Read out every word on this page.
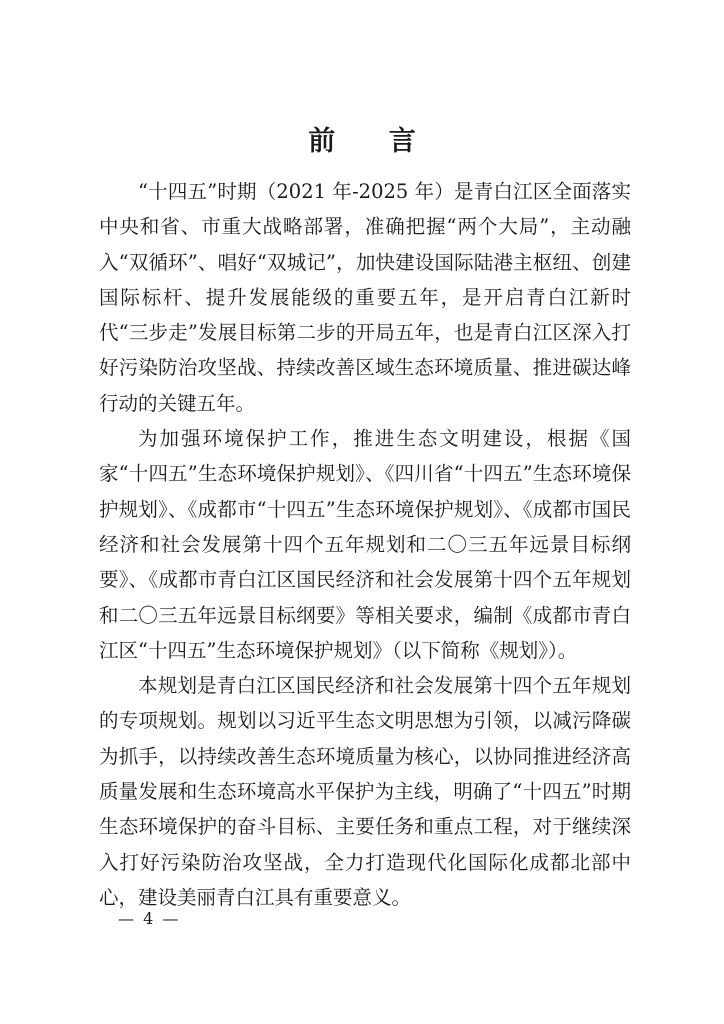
前 言

“十四五”时期（2021 年-2025 年）是青白江区全面落实中央和省、市重大战略部署，准确把握“两个大局”，主动融入“双循环”、唱好“双城记”，加快建设国际陆港主枢纽、创建国际标杆、提升发展能级的重要五年，是开启青白江新时代“三步走”发展目标第二步的开局五年，也是青白江区深入打好污染防治攻坚战、持续改善区域生态环境质量、推进碳达峰行动的关键五年。

为加强环境保护工作，推进生态文明建设，根据《国家“十四五”生态环境保护规划》、《四川省“十四五”生态环境保护规划》、《成都市“十四五”生态环境保护规划》、《成都市国民经济和社会发展第十四个五年规划和二〇三五年远景目标纲要》、《成都市青白江区国民经济和社会发展第十四个五年规划和二〇三五年远景目标纲要》等相关要求，编制《成都市青白江区“十四五”生态环境保护规划》（以下简称《规划》）。

本规划是青白江区国民经济和社会发展第十四个五年规划的专项规划。规划以习近平生态文明思想为引领，以减污降碳为抓手，以持续改善生态环境质量为核心，以协同推进经济高质量发展和生态环境高水平保护为主线，明确了“十四五”时期生态环境保护的奋斗目标、主要任务和重点工程，对于继续深入打好污染防治攻坚战，全力打造现代化国际化成都北部中心，建设美丽青白江具有重要意义。

— 4 —
